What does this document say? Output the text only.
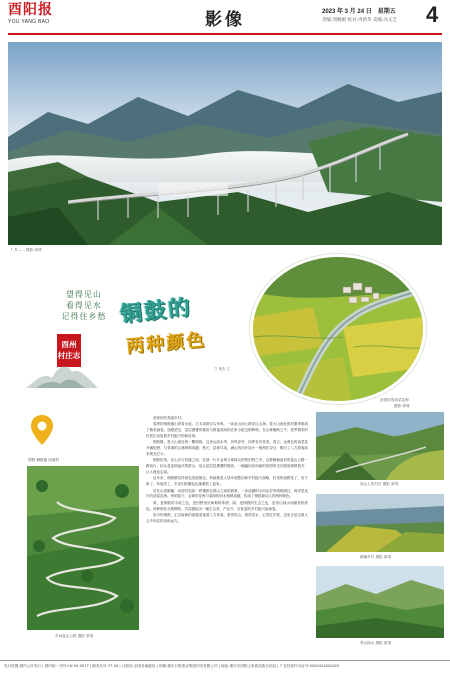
酉阳报
YOU YANG BAO	影像	2023 年 3 月 24 日　星期五
责编:周顺刚 校对:冉新华 美编:冯文艺 4
↑ 乡…… 摄影 廖靖
望得见山
看得见水
记得住乡愁
酉州
村庄志
铜鼓的
两种颜色
□ 黄杰 文
河湾村的油菜花海
摄影 廖靖
酉阳·铜鼓镇 河湾村
乡间盘山公路 摄影 廖靖

高家坝有美丽乡村。

春季的铜鼓镇山青青水蓝，古木成荫百鸟争鸣，一条条山间公路穿过山涧，将大山深处的村寨串联成了精美画卷。放眼望去，层层叠叠的梯田与散落其间的农家小院交相辉映，在山林掩映之中，星罗棋布的民居正诉说着乡村振兴的新故事。

铜鼓镇，是大山深处的一颗明珠。这里山清水秀，民风淳朴，四季各有其美。春天，金黄色的油菜花开满田野，与青翠的山林相映成趣；秋天，层林尽染，满山的红叶如火一般绚烂夺目，吸引了八方游客前来观光打卡。

铜鼓的美，在山川与村落之间，在那一片片金黄与翠绿交织的田野之中。沿着蜿蜒曲折的盘山公路一路前行，抬头是连绵起伏的群山，低头是层层叠叠的梯田，一幅幅如诗如画的田园风光在眼前缓缓展开，让人流连忘返。

近年来，铜鼓镇坚持绿色发展理念，持续推进人居环境整治和乡村振兴战略，村里的道路宽了、房子新了、环境美了，乡亲们的腰包也渐渐鼓了起来。

站在山顶俯瞰，河湾村宛如一块镶嵌在群山之间的翡翠，一条清澈的小河从村旁缓缓流过，两岸是连片的油菜花海。每到春天，金黄的花海与碧绿的河水相映成趣，构成了铜鼓最动人的两种颜色。

黄，是铜鼓的丰收之色，是田野里沉甸甸的希望；绿，是铜鼓的生态之色，是青山绿水间最美的底色。两种颜色交相辉映，共同描绘出一幅生态美、产业兴、百姓富的乡村振兴新画卷。

如今的铜鼓，正以崭新的面貌迎接着八方来客。望得见山，看得见水，记得住乡愁，这里正是无数人心中向往的诗和远方。

高山上的村庄 摄影 廖靖
俯瞰乡村 摄影 廖靖
青山绿水 摄影 廖靖
发行范围:国内公开发行 | 国内统一刊号:CN 50-0077 | 邮发代号:77-26 | 订阅处:全国各地邮局 | 印刷:重庆日报报业集团印务有限公司 | 地址:重庆市酉阳土家族苗族自治县 | 广告经营许可证号:5002424000025
